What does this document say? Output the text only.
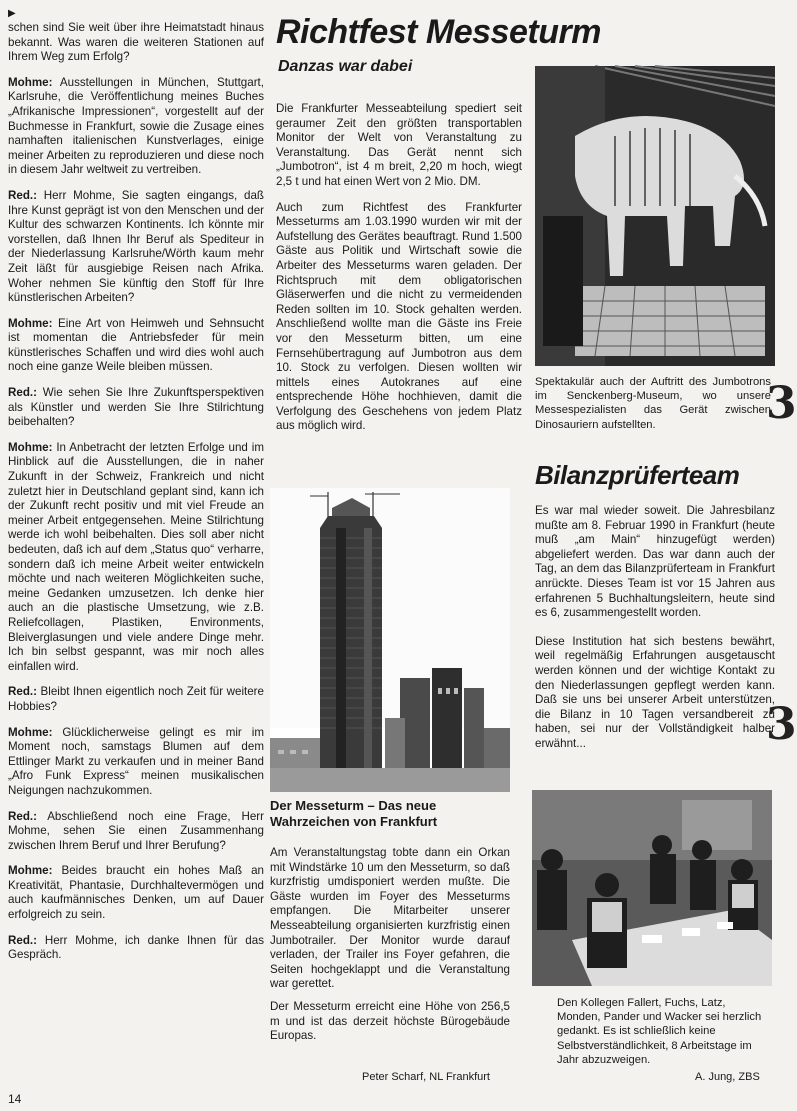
▶

schen sind Sie weit über ihre Heimatstadt hinaus bekannt. Was waren die weiteren Stationen auf Ihrem Weg zum Erfolg?

Mohme: Ausstellungen in München, Stuttgart, Karlsruhe, die Veröffentlichung meines Buches „Afrikanische Impressionen“, vorgestellt auf der Buchmesse in Frankfurt, sowie die Zusage eines namhaften italienischen Kunstverlages, einige meiner Arbeiten zu reproduzieren und diese noch in diesem Jahr weltweit zu vertreiben.

Red.: Herr Mohme, Sie sagten eingangs, daß Ihre Kunst geprägt ist von den Menschen und der Kultur des schwarzen Kontinents. Ich könnte mir vorstellen, daß Ihnen Ihr Beruf als Spediteur in der Niederlassung Karlsruhe/Wörth kaum mehr Zeit läßt für ausgiebige Reisen nach Afrika. Woher nehmen Sie künftig den Stoff für Ihre künstlerischen Arbeiten?

Mohme: Eine Art von Heimweh und Sehnsucht ist momentan die Antriebsfeder für mein künstlerisches Schaffen und wird dies wohl auch noch eine ganze Weile bleiben müssen.

Red.: Wie sehen Sie Ihre Zukunftsperspektiven als Künstler und werden Sie Ihre Stilrichtung beibehalten?

Mohme: In Anbetracht der letzten Erfolge und im Hinblick auf die Ausstellungen, die in naher Zukunft in der Schweiz, Frankreich und nicht zuletzt hier in Deutschland geplant sind, kann ich der Zukunft recht positiv und mit viel Freude an meiner Arbeit entgegensehen. Meine Stilrichtung werde ich wohl beibehalten. Dies soll aber nicht bedeuten, daß ich auf dem „Status quo“ verharre, sondern daß ich meine Arbeit weiter entwickeln möchte und nach weiteren Möglichkeiten suche, meine Gedanken umzusetzen. Ich denke hier auch an die plastische Umsetzung, wie z.B. Reliefcollagen, Plastiken, Environments, Bleiverglasungen und viele andere Dinge mehr. Ich bin selbst gespannt, was mir noch alles einfallen wird.

Red.: Bleibt Ihnen eigentlich noch Zeit für weitere Hobbies?

Mohme: Glücklicherweise gelingt es mir im Moment noch, samstags Blumen auf dem Ettlinger Markt zu verkaufen und in meiner Band „Afro Funk Express“ meinen musikalischen Neigungen nachzukommen.

Red.: Abschließend noch eine Frage, Herr Mohme, sehen Sie einen Zusammenhang zwischen Ihrem Beruf und Ihrer Berufung?

Mohme: Beides braucht ein hohes Maß an Kreativität, Phantasie, Durchhaltevermögen und auch kaufmännisches Denken, um auf Dauer erfolgreich zu sein.

Red.: Herr Mohme, ich danke Ihnen für das Gespräch.

14
Richtfest Messeturm
Danzas war dabei

Die Frankfurter Messeabteilung spediert seit geraumer Zeit den größten transportablen Monitor der Welt von Veranstaltung zu Veranstaltung. Das Gerät nennt sich „Jumbotron“, ist 4 m breit, 2,20 m hoch, wiegt 2,5 t und hat einen Wert von 2 Mio. DM.

Auch zum Richtfest des Frankfurter Messeturms am 1.03.1990 wurden wir mit der Aufstellung des Gerätes beauftragt. Rund 1.500 Gäste aus Politik und Wirtschaft sowie die Arbeiter des Messeturms waren geladen. Der Richtspruch mit dem obligatorischen Gläserwerfen und die nicht zu vermeidenden Reden sollten im 10. Stock gehalten werden. Anschließend wollte man die Gäste ins Freie vor den Messeturm bitten, um eine Fernsehübertragung auf Jumbotron aus dem 10. Stock zu verfolgen. Diesen wollten wir mittels eines Autokranes auf eine entsprechende Höhe hochhieven, damit die Verfolgung des Geschehens von jedem Platz aus möglich wird.

Der Messeturm – Das neue Wahrzeichen von Frankfurt

Am Veranstaltungstag tobte dann ein Orkan mit Windstärke 10 um den Messeturm, so daß kurzfristig umdisponiert werden mußte. Die Gäste wurden im Foyer des Messeturms empfangen. Die Mitarbeiter unserer Messeabteilung organisierten kurzfristig einen Jumbotrailer. Der Monitor wurde darauf verladen, der Trailer ins Foyer gefahren, die Seiten hochgeklappt und die Veranstaltung war gerettet.

Der Messeturm erreicht eine Höhe von 256,5 m und ist das derzeit höchste Bürogebäude Europas.

Peter Scharf, NL Frankfurt

Spektakulär auch der Auftritt des Jumbotrons im Senckenberg-Museum, wo unsere Messespezialisten das Gerät zwischen Dinosauriern aufstellten.	3
Bilanzprüferteam

Es war mal wieder soweit. Die Jahresbilanz mußte am 8. Februar 1990 in Frankfurt (heute muß „am Main“ hinzugefügt werden) abgeliefert werden. Das war dann auch der Tag, an dem das Bilanzprüferteam in Frankfurt anrückte. Dieses Team ist vor 15 Jahren aus erfahrenen 5 Buchhaltungsleitern, heute sind es 6, zusammengestellt worden.

Diese Institution hat sich bestens bewährt, weil regelmäßig Erfahrungen ausgetauscht werden können und der wichtige Kontakt zu den Niederlassungen gepflegt werden kann. Daß sie uns bei unserer Arbeit unterstützen, die Bilanz in 10 Tagen versandbereit zu haben, sei nur der Vollständigkeit halber erwähnt...	3

Den Kollegen Fallert, Fuchs, Latz, Monden, Pander und Wacker sei herzlich gedankt. Es ist schließlich keine Selbstverständlichkeit, 8 Arbeitstage im Jahr abzuzweigen.

A. Jung, ZBS
